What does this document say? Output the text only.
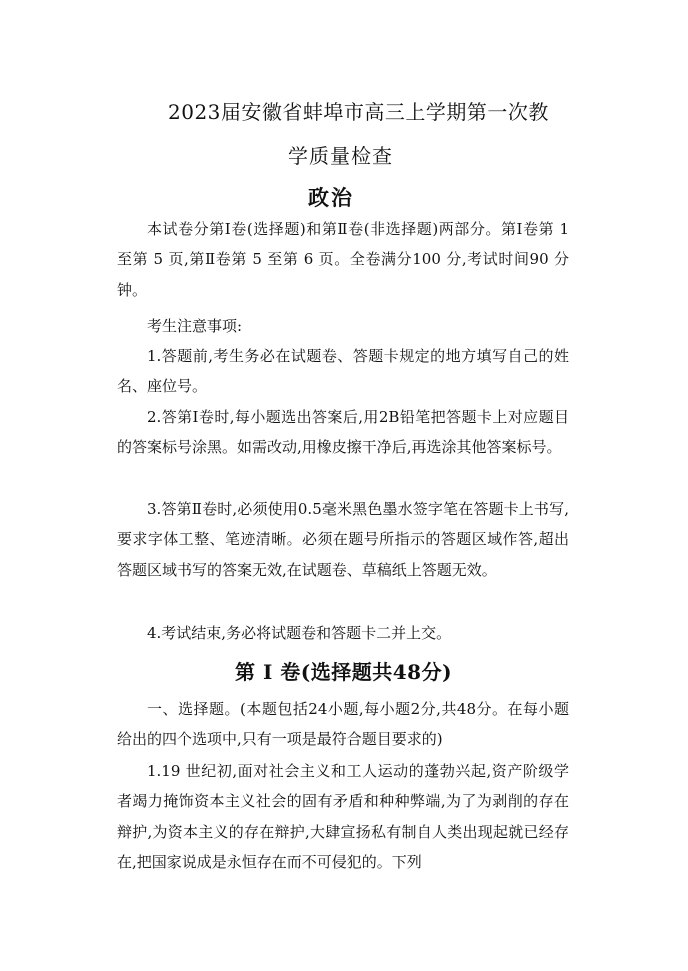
2023届安徽省蚌埠市高三上学期第一次教
学质量检查
政治

本试卷分第Ⅰ卷(选择题)和第Ⅱ卷(非选择题)两部分。第Ⅰ卷第 1 至第 5 页,第Ⅱ卷第 5 至第 6 页。全卷满分100 分,考试时间90 分钟。

考生注意事项:

1.答题前,考生务必在试题卷、答题卡规定的地方填写自己的姓名、座位号。

2.答第Ⅰ卷时,每小题选出答案后,用2B铅笔把答题卡上对应题目的答案标号涂黑。如需改动,用橡皮擦干净后,再选涂其他答案标号。

3.答第Ⅱ卷时,必须使用0.5毫米黑色墨水签字笔在答题卡上书写,要求字体工整、笔迹清晰。必须在题号所指示的答题区域作答,超出答题区域书写的答案无效,在试题卷、草稿纸上答题无效。

4.考试结束,务必将试题卷和答题卡二并上交。

第 Ⅰ 卷(选择题共48分)

一、选择题。(本题包括24小题,每小题2分,共48分。在每小题给出的四个选项中,只有一项是最符合题目要求的)

1.19 世纪初,面对社会主义和工人运动的蓬勃兴起,资产阶级学者竭力掩饰资本主义社会的固有矛盾和种种弊端,为了为剥削的存在辩护,为资本主义的存在辩护,大肆宣扬私有制自人类出现起就已经存在,把国家说成是永恒存在而不可侵犯的。下列
